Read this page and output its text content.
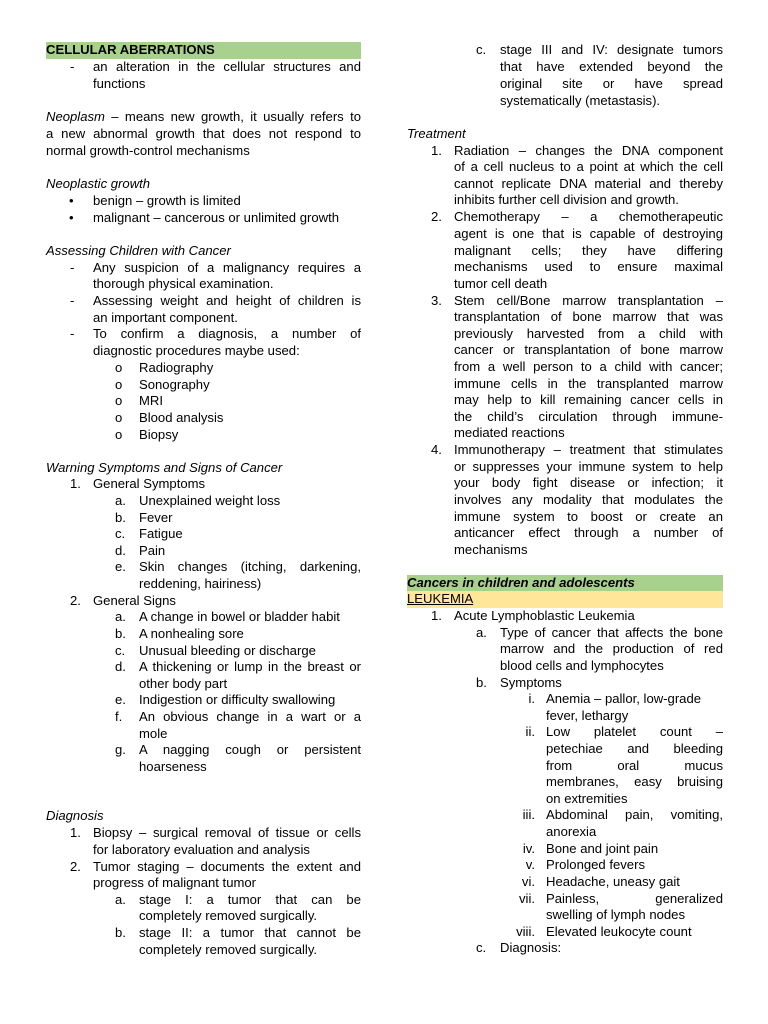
CELLULAR ABERRATIONS
- an alteration in the cellular structures and
functions
Neoplasm – means new growth, it usually refers to
a new abnormal growth that does not respond to
normal growth-control mechanisms
Neoplastic growth
• benign – growth is limited
• malignant – cancerous or unlimited growth
Assessing Children with Cancer
- Any suspicion of a malignancy requires a
thorough physical examination.
- Assessing weight and height of children is
an important component.
- To confirm a diagnosis, a number of
diagnostic procedures maybe used:
o Radiography
o Sonography
o MRI
o Blood analysis
o Biopsy
Warning Symptoms and Signs of Cancer
1. General Symptoms
a. Unexplained weight loss
b. Fever
c. Fatigue
d. Pain
e. Skin changes (itching, darkening,
reddening, hairiness)
2. General Signs
a. A change in bowel or bladder habit
b. A nonhealing sore
c. Unusual bleeding or discharge
d. A thickening or lump in the breast or
other body part
e. Indigestion or difficulty swallowing
f. An obvious change in a wart or a
mole
g. A nagging cough or persistent
hoarseness
Diagnosis
1. Biopsy – surgical removal of tissue or cells
for laboratory evaluation and analysis
2. Tumor staging – documents the extent and
progress of malignant tumor
a. stage I: a tumor that can be
completely removed surgically.
b. stage II: a tumor that cannot be
completely removed surgically.
c. stage III and IV: designate tumors
that have extended beyond the
original site or have spread
systematically (metastasis).
Treatment
1. Radiation – changes the DNA component
of a cell nucleus to a point at which the cell
cannot replicate DNA material and thereby
inhibits further cell division and growth.
2. Chemotherapy – a chemotherapeutic
agent is one that is capable of destroying
malignant cells; they have differing
mechanisms used to ensure maximal
tumor cell death
3. Stem cell/Bone marrow transplantation –
transplantation of bone marrow that was
previously harvested from a child with
cancer or transplantation of bone marrow
from a well person to a child with cancer;
immune cells in the transplanted marrow
may help to kill remaining cancer cells in
the child’s circulation through immune-
mediated reactions
4. Immunotherapy – treatment that stimulates
or suppresses your immune system to help
your body fight disease or infection; it
involves any modality that modulates the
immune system to boost or create an
anticancer effect through a number of
mechanisms
Cancers in children and adolescents
LEUKEMIA
1. Acute Lymphoblastic Leukemia
a. Type of cancer that affects the bone
marrow and the production of red
blood cells and lymphocytes
b. Symptoms
i. Anemia – pallor, low-grade
fever, lethargy
ii. Low platelet count –
petechiae and bleeding
from oral mucus
membranes, easy bruising
on extremities
iii. Abdominal pain, vomiting,
anorexia
iv. Bone and joint pain
v. Prolonged fevers
vi. Headache, uneasy gait
vii. Painless, generalized
swelling of lymph nodes
viii. Elevated leukocyte count
c. Diagnosis:
